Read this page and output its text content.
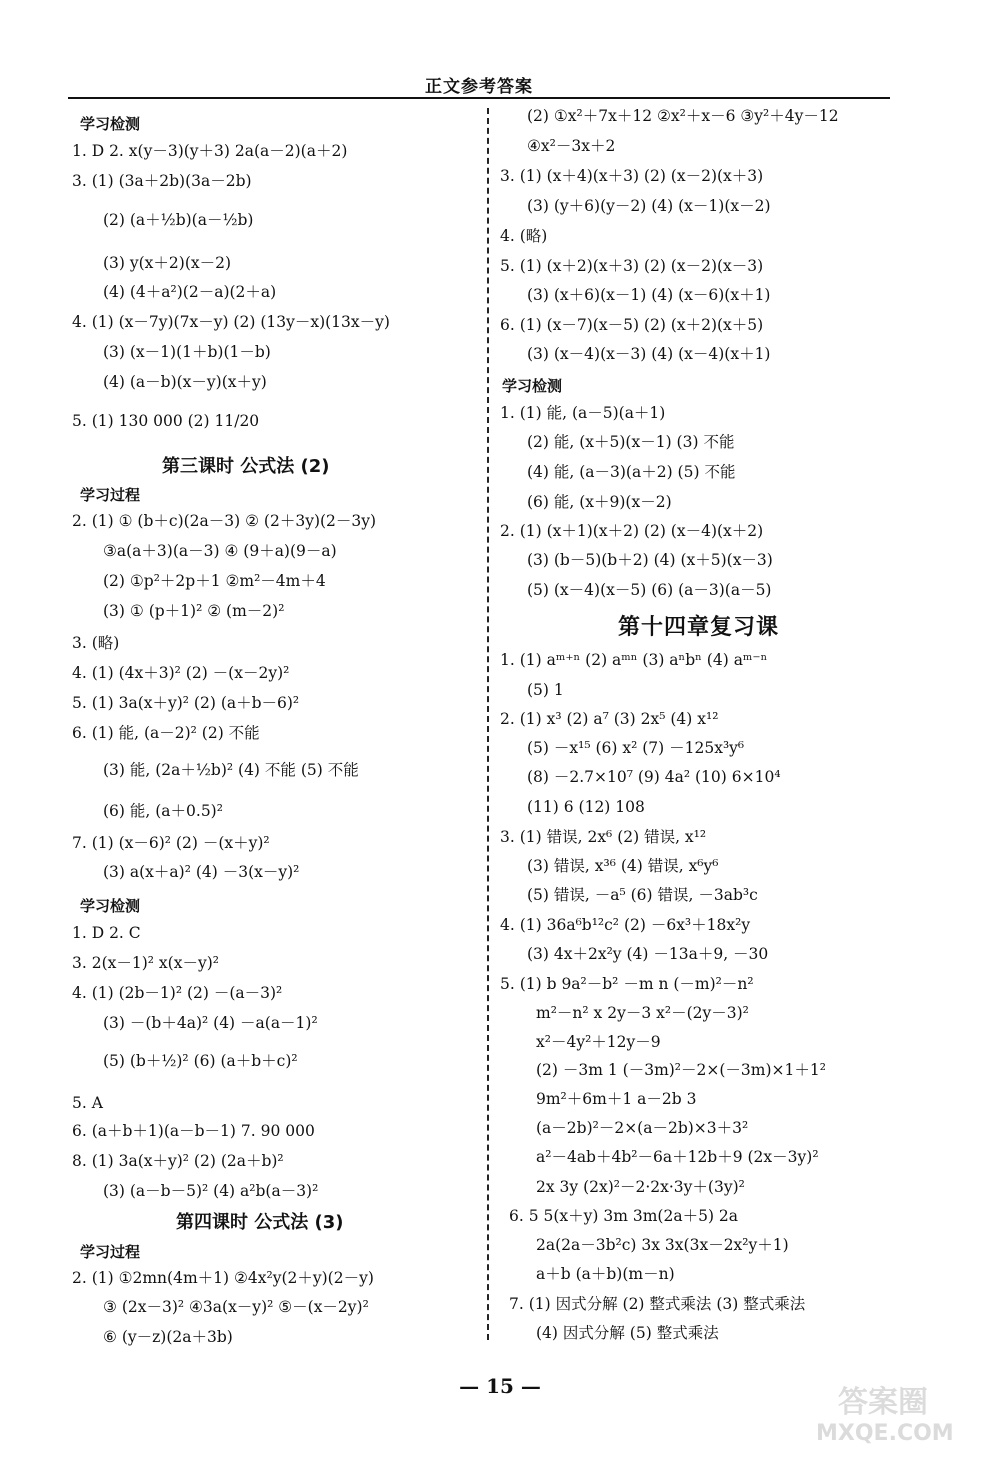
正文参考答案
学习检测
1. D 2. x(y－3)(y＋3) 2a(a－2)(a＋2)
3. (1) (3a＋2b)(3a－2b)
(2) (a＋½b)(a－½b)
(3) y(x＋2)(x－2)
(4) (4＋a²)(2－a)(2＋a)
4. (1) (x－7y)(7x－y) (2) (13y－x)(13x－y)
(3) (x－1)(1＋b)(1－b)
(4) (a－b)(x－y)(x＋y)
5. (1) 130 000 (2) 11/20
第三课时 公式法 (2)
学习过程
2. (1) ① (b＋c)(2a－3) ② (2＋3y)(2－3y)
③a(a＋3)(a－3) ④ (9＋a)(9－a)
(2) ①p²＋2p＋1 ②m²－4m＋4
(3) ① (p＋1)² ② (m－2)²
3. (略)
4. (1) (4x＋3)² (2) －(x－2y)²
5. (1) 3a(x＋y)² (2) (a＋b－6)²
6. (1) 能, (a－2)² (2) 不能
(3) 能, (2a＋½b)² (4) 不能 (5) 不能
(6) 能, (a＋0.5)²
7. (1) (x－6)² (2) －(x＋y)²
(3) a(x＋a)² (4) －3(x－y)²
学习检测
1. D 2. C
3. 2(x－1)² x(x－y)²
4. (1) (2b－1)² (2) －(a－3)²
(3) －(b＋4a)² (4) －a(a－1)²
(5) (b＋½)² (6) (a＋b＋c)²
5. A
6. (a＋b＋1)(a－b－1) 7. 90 000
8. (1) 3a(x＋y)² (2) (2a＋b)²
(3) (a－b－5)² (4) a²b(a－3)²
第四课时 公式法 (3)
学习过程
2. (1) ①2mn(4m＋1) ②4x²y(2＋y)(2－y)
③ (2x－3)² ④3a(x－y)² ⑤－(x－2y)²
⑥ (y－z)(2a＋3b)
(2) ①x²＋7x＋12 ②x²＋x－6 ③y²＋4y－12
④x²－3x＋2
3. (1) (x＋4)(x＋3) (2) (x－2)(x＋3)
(3) (y＋6)(y－2) (4) (x－1)(x－2)
4. (略)
5. (1) (x＋2)(x＋3) (2) (x－2)(x－3)
(3) (x＋6)(x－1) (4) (x－6)(x＋1)
6. (1) (x－7)(x－5) (2) (x＋2)(x＋5)
(3) (x－4)(x－3) (4) (x－4)(x＋1)
学习检测
1. (1) 能, (a－5)(a＋1)
(2) 能, (x＋5)(x－1) (3) 不能
(4) 能, (a－3)(a＋2) (5) 不能
(6) 能, (x＋9)(x－2)
2. (1) (x＋1)(x＋2) (2) (x－4)(x＋2)
(3) (b－5)(b＋2) (4) (x＋5)(x－3)
(5) (x－4)(x－5) (6) (a－3)(a－5)
第十四章复习课
1. (1) aᵐ⁺ⁿ (2) aᵐⁿ (3) aⁿbⁿ (4) aᵐ⁻ⁿ
(5) 1
2. (1) x³ (2) a⁷ (3) 2x⁵ (4) x¹²
(5) －x¹⁵ (6) x² (7) －125x³y⁶
(8) －2.7×10⁷ (9) 4a² (10) 6×10⁴
(11) 6 (12) 108
3. (1) 错误, 2x⁶ (2) 错误, x¹²
(3) 错误, x³⁶ (4) 错误, x⁶y⁶
(5) 错误, －a⁵ (6) 错误, －3ab³c
4. (1) 36a⁶b¹²c² (2) －6x³＋18x²y
(3) 4x＋2x²y (4) －13a＋9, －30
5. (1) b 9a²－b² －m n (－m)²－n²
m²－n² x 2y－3 x²－(2y－3)²
x²－4y²＋12y－9
(2) －3m 1 (－3m)²－2×(－3m)×1＋1²
9m²＋6m＋1 a－2b 3
(a－2b)²－2×(a－2b)×3＋3²
a²－4ab＋4b²－6a＋12b＋9 (2x－3y)²
2x 3y (2x)²－2·2x·3y＋(3y)²
6. 5 5(x＋y) 3m 3m(2a＋5) 2a
2a(2a－3b²c) 3x 3x(3x－2x²y＋1)
a＋b (a＋b)(m－n)
7. (1) 因式分解 (2) 整式乘法 (3) 整式乘法
(4) 因式分解 (5) 整式乘法
— 15 —	答案圈
MXQE.COM
